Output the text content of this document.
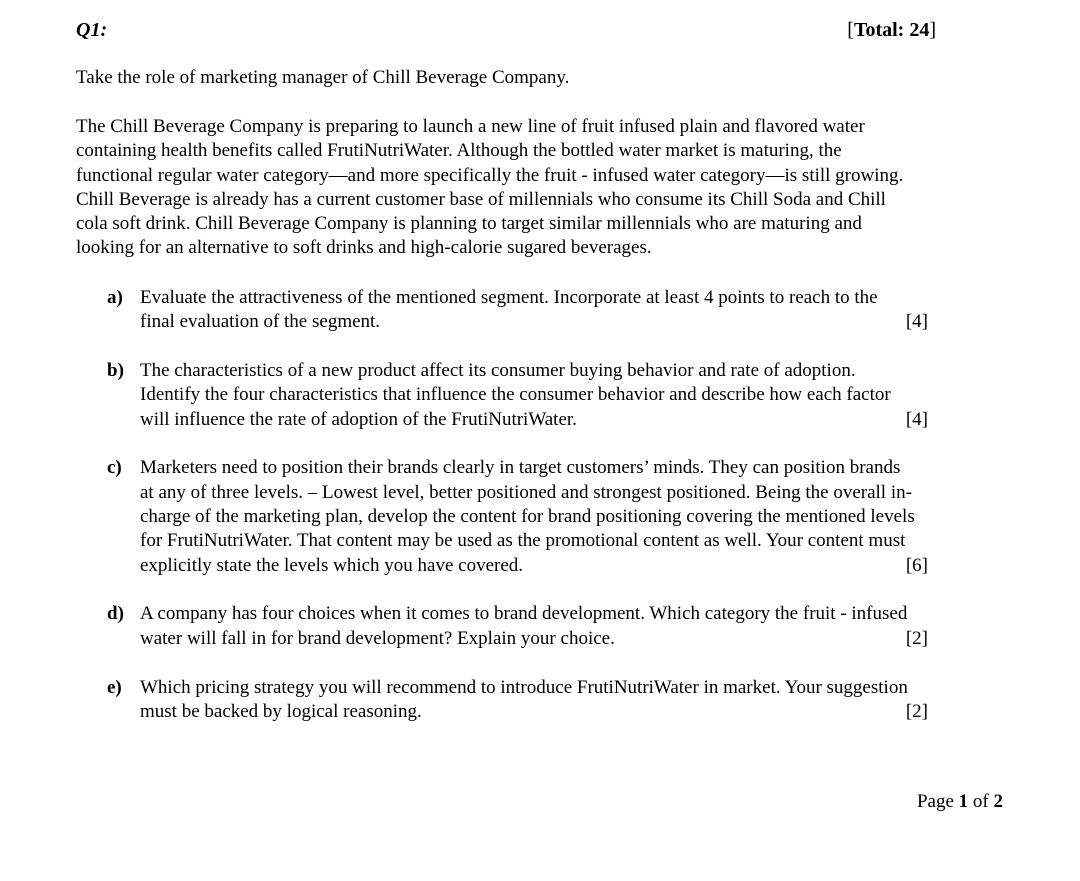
Q1:	[Total: 24]
Take the role of marketing manager of Chill Beverage Company.
The Chill Beverage Company is preparing to launch a new line of fruit infused plain and flavored water
containing health benefits called FrutiNutriWater. Although the bottled water market is maturing, the
functional regular water category—and more specifically the fruit - infused water category—is still growing.
Chill Beverage is already has a current customer base of millennials who consume its Chill Soda and Chill
cola soft drink. Chill Beverage Company is planning to target similar millennials who are maturing and
looking for an alternative to soft drinks and high-calorie sugared beverages.
a) Evaluate the attractiveness of the mentioned segment. Incorporate at least 4 points to reach to the
final evaluation of the segment.	[4]
b) The characteristics of a new product affect its consumer buying behavior and rate of adoption.
Identify the four characteristics that influence the consumer behavior and describe how each factor
will influence the rate of adoption of the FrutiNutriWater.	[4]
c) Marketers need to position their brands clearly in target customers’ minds. They can position brands
at any of three levels. – Lowest level, better positioned and strongest positioned. Being the overall in-
charge of the marketing plan, develop the content for brand positioning covering the mentioned levels
for FrutiNutriWater. That content may be used as the promotional content as well. Your content must
explicitly state the levels which you have covered.	[6]
d) A company has four choices when it comes to brand development. Which category the fruit - infused
water will fall in for brand development? Explain your choice.	[2]
e) Which pricing strategy you will recommend to introduce FrutiNutriWater in market. Your suggestion
must be backed by logical reasoning.	[2]
Page 1 of 2
